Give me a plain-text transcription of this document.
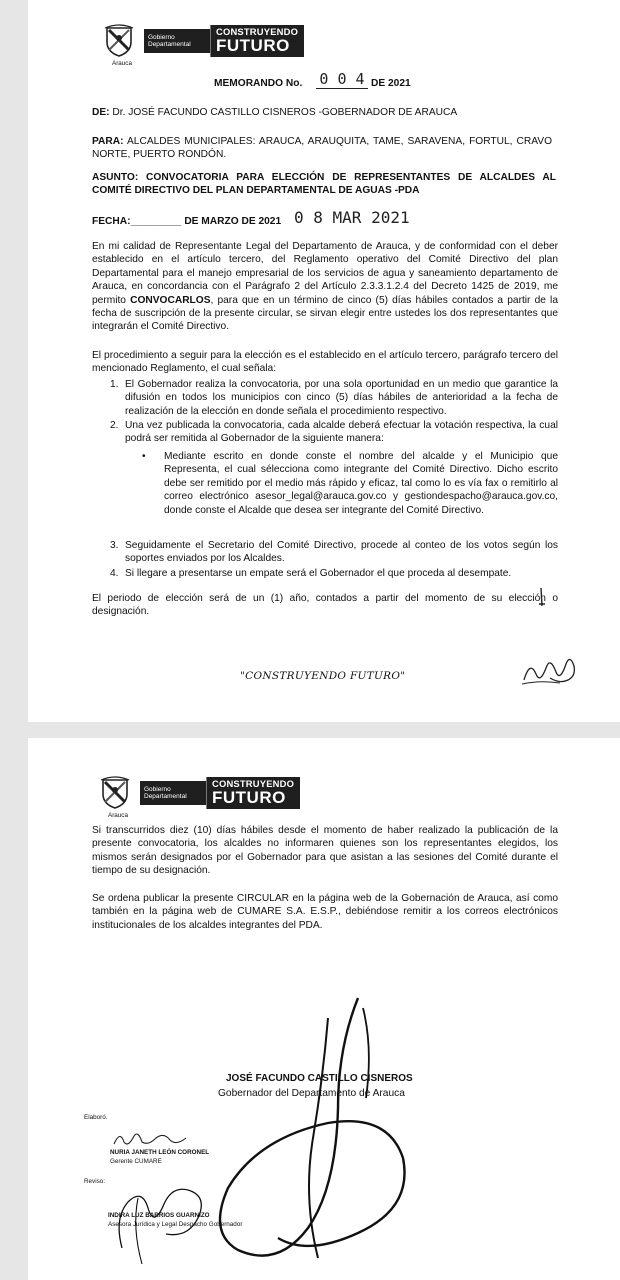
Gobierno
Departamental
CONSTRUYENDO
FUTURO
Arauca
MEMORANDO No. 0 0 4 DE 2021
DE: Dr. JOSÉ FACUNDO CASTILLO CISNEROS -GOBERNADOR DE ARAUCA
PARA: ALCALDES MUNICIPALES: ARAUCA, ARAUQUITA, TAME, SARAVENA, FORTUL, CRAVO NORTE, PUERTO RONDÓN.
ASUNTO: CONVOCATORIA PARA ELECCIÓN DE REPRESENTANTES DE ALCALDES AL COMITÉ DIRECTIVO DEL PLAN DEPARTAMENTAL DE AGUAS -PDA
FECHA:_________ DE MARZO DE 2021 0 8 MAR 2021
En mi calidad de Representante Legal del Departamento de Arauca, y de conformidad con el deber establecido en el artículo tercero, del Reglamento operativo del Comité Directivo del plan Departamental para el manejo empresarial de los servicios de agua y saneamiento departamento de Arauca, en concordancia con el Parágrafo 2 del Artículo 2.3.3.1.2.4 del Decreto 1425 de 2019, me permito CONVOCARLOS, para que en un término de cinco (5) días hábiles contados a partir de la fecha de suscripción de la presente circular, se sirvan elegir entre ustedes los dos representantes que integrarán el Comité Directivo.
El procedimiento a seguir para la elección es el establecido en el artículo tercero, parágrafo tercero del mencionado Reglamento, el cual señala:
1. El Gobernador realiza la convocatoria, por una sola oportunidad en un medio que garantice la difusión en todos los municipios con cinco (5) días hábiles de anterioridad a la fecha de realización de la elección en donde señala el procedimiento respectivo.
2. Una vez publicada la convocatoria, cada alcalde deberá efectuar la votación respectiva, la cual podrá ser remitida al Gobernador de la siguiente manera:
• Mediante escrito en donde conste el nombre del alcalde y el Municipio que Representa, el cual sélecciona como integrante del Comité Directivo. Dicho escrito debe ser remitido por el medio más rápido y eficaz, tal como lo es vía fax o remitirlo al correo electrónico asesor_legal@arauca.gov.co y gestiondespacho@arauca.gov.co, donde conste el Alcalde que desea ser integrante del Comité Directivo.
3. Seguidamente el Secretario del Comité Directivo, procede al conteo de los votos según los soportes enviados por los Alcaldes.
4. Si llegare a presentarse un empate será el Gobernador el que proceda al desempate.
El periodo de elección será de un (1) año, contados a partir del momento de su elección o designación.
"CONSTRUYENDO FUTURO"
Gobierno
Departamental
CONSTRUYENDO
FUTURO
Arauca
Si transcurridos diez (10) días hábiles desde el momento de haber realizado la publicación de la presente convocatoria, los alcaldes no informaren quienes son los representantes elegidos, los mismos serán designados por el Gobernador para que asistan a las sesiones del Comité durante el tiempo de su designación.
Se ordena publicar la presente CIRCULAR en la página web de la Gobernación de Arauca, así como también en la página web de CUMARE S.A. E.S.P., debiéndose remitir a los correos electrónicos institucionales de los alcaldes integrantes del PDA.
JOSÉ FACUNDO CASTILLO CISNEROS
Gobernador del Departamento de Arauca
Elaboró.
NURIA JANETH LEÓN CORONEL
Gerente CUMARE
Reviso:
INDIRA LUZ BARRIOS GUARNIZO
Asesora Jurídica y Legal Despacho Gobernador
